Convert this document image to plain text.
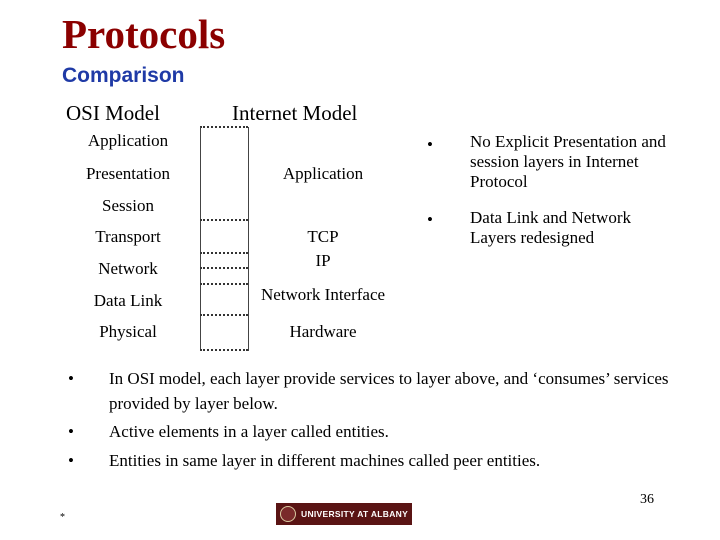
Protocols
Comparison
OSI Model	Internet Model
Application
Presentation
Session
Transport
Network
Data Link
Physical
Application
TCP
IP
Network Interface
Hardware
• No Explicit Presentation and session layers in Internet Protocol
• Data Link and Network Layers redesigned
• In OSI model, each layer provide services to layer above, and ‘consumes’ services provided by layer below.
• Active elements in a layer called entities.
• Entities in same layer in different machines called peer entities.
UNIVERSITY AT ALBANY
36
*
